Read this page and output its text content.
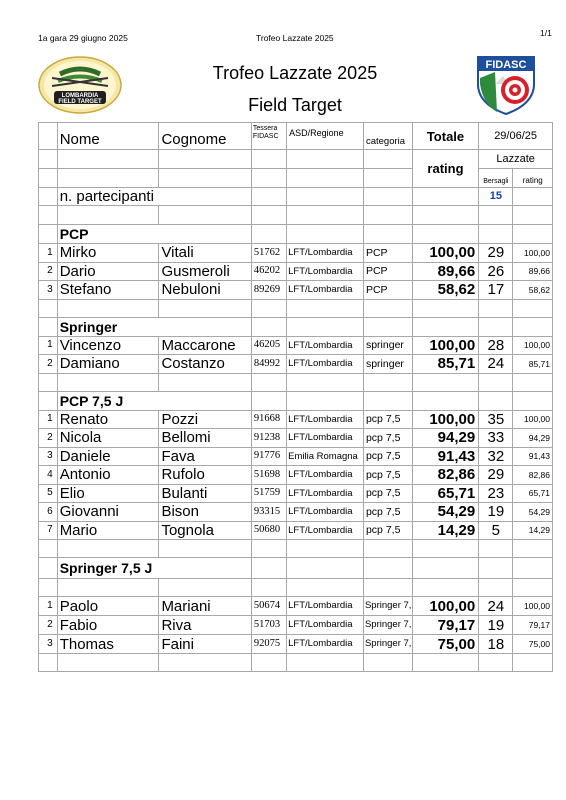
1a gara 29 giugno 2025	Trofeo Lazzate 2025	1/1
Trofeo Lazzate 2025
Field Target
LOMBARDIA
FIELD TARGET
FIDASC
	Nome	Cognome	Tessera
FIDASC	ASD/Regione	categoria	Totale	29/06/25	
						rating	Lazzate	
							Bersagli	rating
	n. partecipanti						15	

	PCP							
1	Mirko	Vitali	51762	LFT/Lombardia	PCP	100,00	29	100,00
2	Dario	Gusmeroli	46202	LFT/Lombardia	PCP	89,66	26	89,66
3	Stefano	Nebuloni	89269	LFT/Lombardia	PCP	58,62	17	58,62

	Springer							
1	Vincenzo	Maccarone	46205	LFT/Lombardia	springer	100,00	28	100,00
2	Damiano	Costanzo	84992	LFT/Lombardia	springer	85,71	24	85,71

	PCP 7,5 J							
1	Renato	Pozzi	91668	LFT/Lombardia	pcp 7,5	100,00	35	100,00
2	Nicola	Bellomi	91238	LFT/Lombardia	pcp 7,5	94,29	33	94,29
3	Daniele	Fava	91776	Emilia Romagna	pcp 7,5	91,43	32	91,43
4	Antonio	Rufolo	51698	LFT/Lombardia	pcp 7,5	82,86	29	82,86
5	Elio	Bulanti	51759	LFT/Lombardia	pcp 7,5	65,71	23	65,71
6	Giovanni	Bison	93315	LFT/Lombardia	pcp 7,5	54,29	19	54,29
7	Mario	Tognola	50680	LFT/Lombardia	pcp 7,5	14,29	5	14,29

	Springer 7,5 J							

1	Paolo	Mariani	50674	LFT/Lombardia	Springer 7,	100,00	24	100,00
2	Fabio	Riva	51703	LFT/Lombardia	Springer 7,	79,17	19	79,17
3	Thomas	Faini	92075	LFT/Lombardia	Springer 7,	75,00	18	75,00
